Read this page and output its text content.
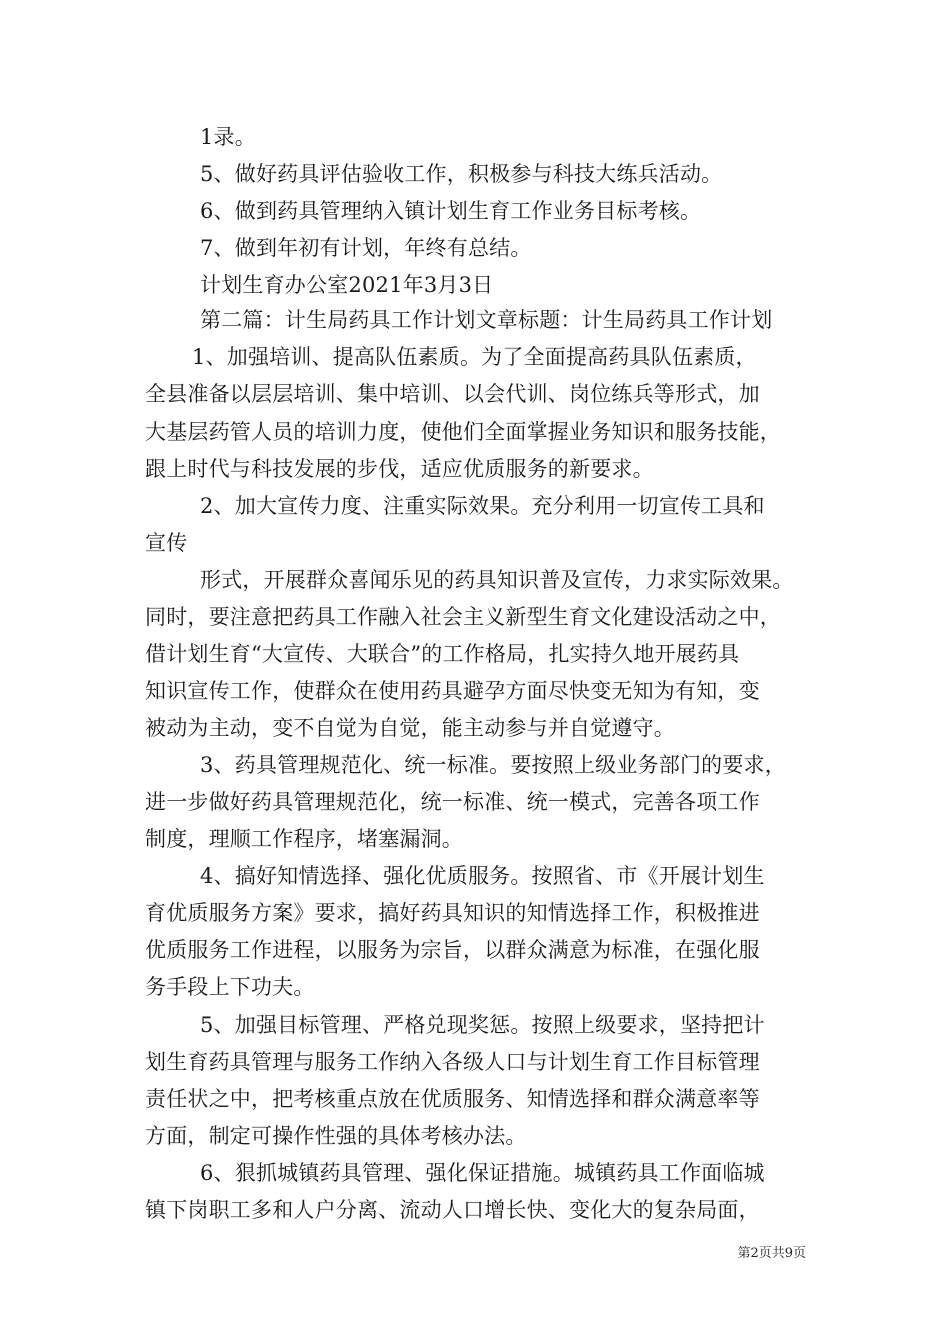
1录。
5、做好药具评估验收工作，积极参与科技大练兵活动。
6、做到药具管理纳入镇计划生育工作业务目标考核。
7、做到年初有计划，年终有总结。
计划生育办公室2021年3月3日
第二篇：计生局药具工作计划文章标题：计生局药具工作计划
1、加强培训、提高队伍素质。为了全面提高药具队伍素质，
全县准备以层层培训、集中培训、以会代训、岗位练兵等形式，加
大基层药管人员的培训力度，使他们全面掌握业务知识和服务技能，
跟上时代与科技发展的步伐，适应优质服务的新要求。
2、加大宣传力度、注重实际效果。充分利用一切宣传工具和
宣传
形式，开展群众喜闻乐见的药具知识普及宣传，力求实际效果。
同时，要注意把药具工作融入社会主义新型生育文化建设活动之中，
借计划生育“大宣传、大联合”的工作格局，扎实持久地开展药具
知识宣传工作，使群众在使用药具避孕方面尽快变无知为有知，变
被动为主动，变不自觉为自觉，能主动参与并自觉遵守。
3、药具管理规范化、统一标准。要按照上级业务部门的要求，
进一步做好药具管理规范化，统一标准、统一模式，完善各项工作
制度，理顺工作程序，堵塞漏洞。
4、搞好知情选择、强化优质服务。按照省、市《开展计划生
育优质服务方案》要求，搞好药具知识的知情选择工作，积极推进
优质服务工作进程，以服务为宗旨，以群众满意为标准，在强化服
务手段上下功夫。
5、加强目标管理、严格兑现奖惩。按照上级要求，坚持把计
划生育药具管理与服务工作纳入各级人口与计划生育工作目标管理
责任状之中，把考核重点放在优质服务、知情选择和群众满意率等
方面，制定可操作性强的具体考核办法。
6、狠抓城镇药具管理、强化保证措施。城镇药具工作面临城
镇下岗职工多和人户分离、流动人口增长快、变化大的复杂局面，
第2页共9页
